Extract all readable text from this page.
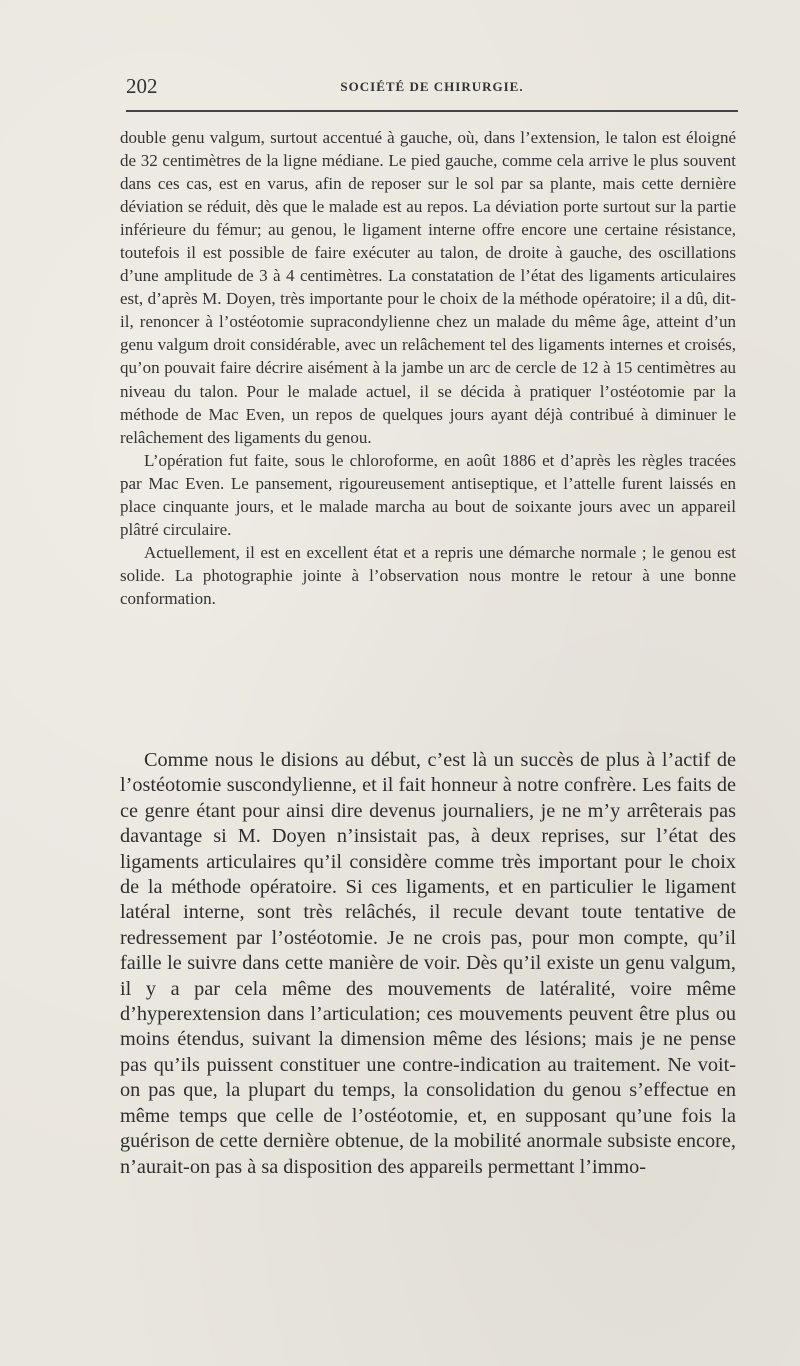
202	SOCIÉTÉ DE CHIRURGIE.

double genu valgum, surtout accentué à gauche, où, dans l’extension, le talon est éloigné de 32 centimètres de la ligne médiane. Le pied gauche, comme cela arrive le plus souvent dans ces cas, est en varus, afin de reposer sur le sol par sa plante, mais cette dernière déviation se réduit, dès que le malade est au repos. La déviation porte surtout sur la partie inférieure du fémur; au genou, le ligament interne offre encore une certaine résistance, toutefois il est possible de faire exécuter au talon, de droite à gauche, des oscillations d’une amplitude de 3 à 4 centimètres. La constatation de l’état des ligaments articulaires est, d’après M. Doyen, très importante pour le choix de la méthode opératoire; il a dû, dit-il, renoncer à l’ostéotomie supracondylienne chez un malade du même âge, atteint d’un genu valgum droit considérable, avec un relâchement tel des ligaments internes et croisés, qu’on pouvait faire décrire aisément à la jambe un arc de cercle de 12 à 15 centimètres au niveau du talon. Pour le malade actuel, il se décida à pratiquer l’ostéotomie par la méthode de Mac Even, un repos de quelques jours ayant déjà contribué à diminuer le relâchement des ligaments du genou.

L’opération fut faite, sous le chloroforme, en août 1886 et d’après les règles tracées par Mac Even. Le pansement, rigoureusement antiseptique, et l’attelle furent laissés en place cinquante jours, et le malade marcha au bout de soixante jours avec un appareil plâtré circulaire.

Actuellement, il est en excellent état et a repris une démarche normale ; le genou est solide. La photographie jointe à l’observation nous montre le retour à une bonne conformation.

Comme nous le disions au début, c’est là un succès de plus à l’actif de l’ostéotomie suscondylienne, et il fait honneur à notre confrère. Les faits de ce genre étant pour ainsi dire devenus journaliers, je ne m’y arrêterais pas davantage si M. Doyen n’insistait pas, à deux reprises, sur l’état des ligaments articulaires qu’il considère comme très important pour le choix de la méthode opératoire. Si ces ligaments, et en particulier le ligament latéral interne, sont très relâchés, il recule devant toute tentative de redressement par l’ostéotomie. Je ne crois pas, pour mon compte, qu’il faille le suivre dans cette manière de voir. Dès qu’il existe un genu valgum, il y a par cela même des mouvements de latéralité, voire même d’hyperextension dans l’articulation; ces mouvements peuvent être plus ou moins étendus, suivant la dimension même des lésions; mais je ne pense pas qu’ils puissent constituer une contre-indication au traitement. Ne voit-on pas que, la plupart du temps, la consolidation du genou s’effectue en même temps que celle de l’ostéotomie, et, en supposant qu’une fois la guérison de cette dernière obtenue, de la mobilité anormale subsiste encore, n’aurait-on pas à sa disposition des appareils permettant l’immo-
